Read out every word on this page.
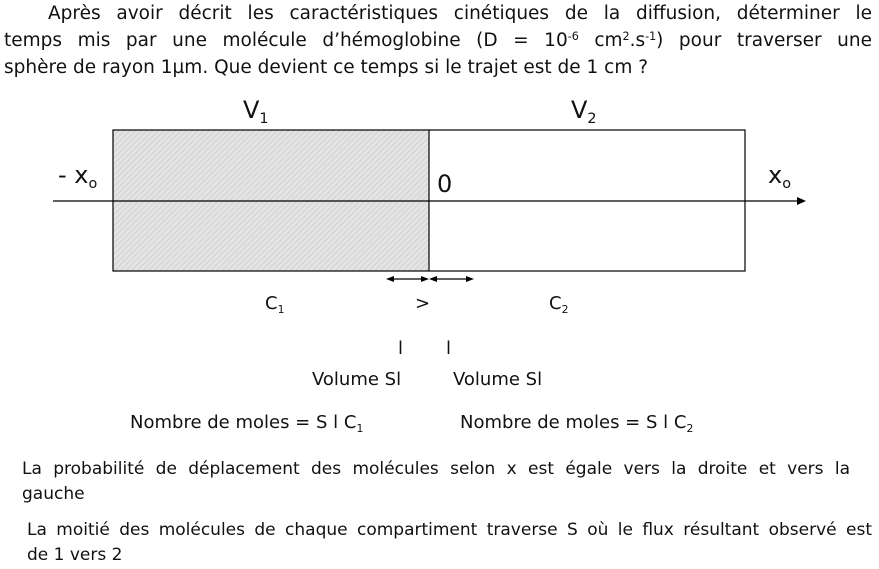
Après avoir décrit les caractéristiques cinétiques de la diffusion, déterminer le
temps mis par une molécule d’hémoglobine ($D = 10^{-6}$ $cm^2.s^{-1}$) pour traverser une
sphère de rayon 1µm. Que devient ce temps si le trajet est de 1 cm ?
$V_1$	$V_2$
- $x_o$	0	$x_o$
$C_1$	>	$C_2$
l l
Volume Sl	Volume Sl
Nombre de moles = S l $C_1$	Nombre de moles = S l $C_2$
La probabilité de déplacement des molécules selon x est égale vers la droite et vers la
gauche
La moitié des molécules de chaque compartiment traverse S où le flux résultant observé est
de 1 vers 2
